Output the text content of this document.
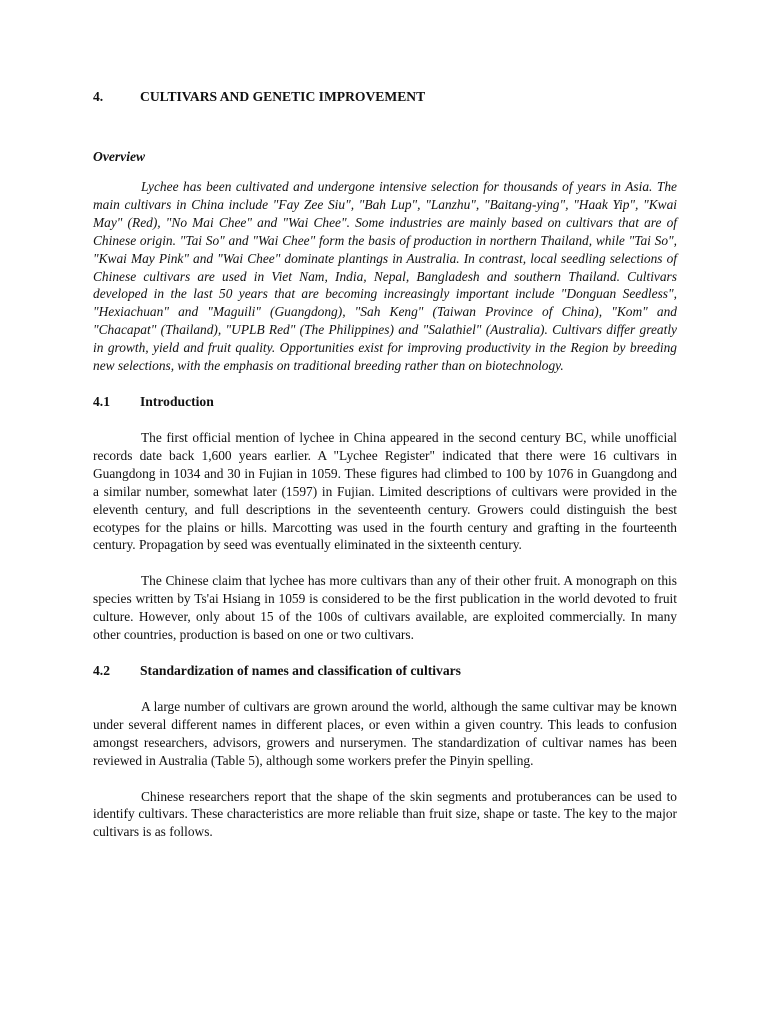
4.	CULTIVARS AND GENETIC IMPROVEMENT
Overview

Lychee has been cultivated and undergone intensive selection for thousands of years in Asia. The main cultivars in China include "Fay Zee Siu", "Bah Lup", "Lanzhu", "Baitang-ying", "Haak Yip", "Kwai May" (Red), "No Mai Chee" and "Wai Chee". Some industries are mainly based on cultivars that are of Chinese origin. "Tai So" and "Wai Chee" form the basis of production in northern Thailand, while "Tai So", "Kwai May Pink" and "Wai Chee" dominate plantings in Australia. In contrast, local seedling selections of Chinese cultivars are used in Viet Nam, India, Nepal, Bangladesh and southern Thailand. Cultivars developed in the last 50 years that are becoming increasingly important include "Donguan Seedless", "Hexiachuan" and "Maguili" (Guangdong), "Sah Keng" (Taiwan Province of China), "Kom" and "Chacapat" (Thailand), "UPLB Red" (The Philippines) and "Salathiel" (Australia). Cultivars differ greatly in growth, yield and fruit quality. Opportunities exist for improving productivity in the Region by breeding new selections, with the emphasis on traditional breeding rather than on biotechnology.

4.1	Introduction

The first official mention of lychee in China appeared in the second century BC, while unofficial records date back 1,600 years earlier. A "Lychee Register" indicated that there were 16 cultivars in Guangdong in 1034 and 30 in Fujian in 1059. These figures had climbed to 100 by 1076 in Guangdong and a similar number, somewhat later (1597) in Fujian. Limited descriptions of cultivars were provided in the eleventh century, and full descriptions in the seventeenth century. Growers could distinguish the best ecotypes for the plains or hills. Marcotting was used in the fourth century and grafting in the fourteenth century. Propagation by seed was eventually eliminated in the sixteenth century.

The Chinese claim that lychee has more cultivars than any of their other fruit. A monograph on this species written by Ts'ai Hsiang in 1059 is considered to be the first publication in the world devoted to fruit culture. However, only about 15 of the 100s of cultivars available, are exploited commercially. In many other countries, production is based on one or two cultivars.

4.2	Standardization of names and classification of cultivars

A large number of cultivars are grown around the world, although the same cultivar may be known under several different names in different places, or even within a given country. This leads to confusion amongst researchers, advisors, growers and nurserymen. The standardization of cultivar names has been reviewed in Australia (Table 5), although some workers prefer the Pinyin spelling.

Chinese researchers report that the shape of the skin segments and protuberances can be used to identify cultivars. These characteristics are more reliable than fruit size, shape or taste. The key to the major cultivars is as follows.
